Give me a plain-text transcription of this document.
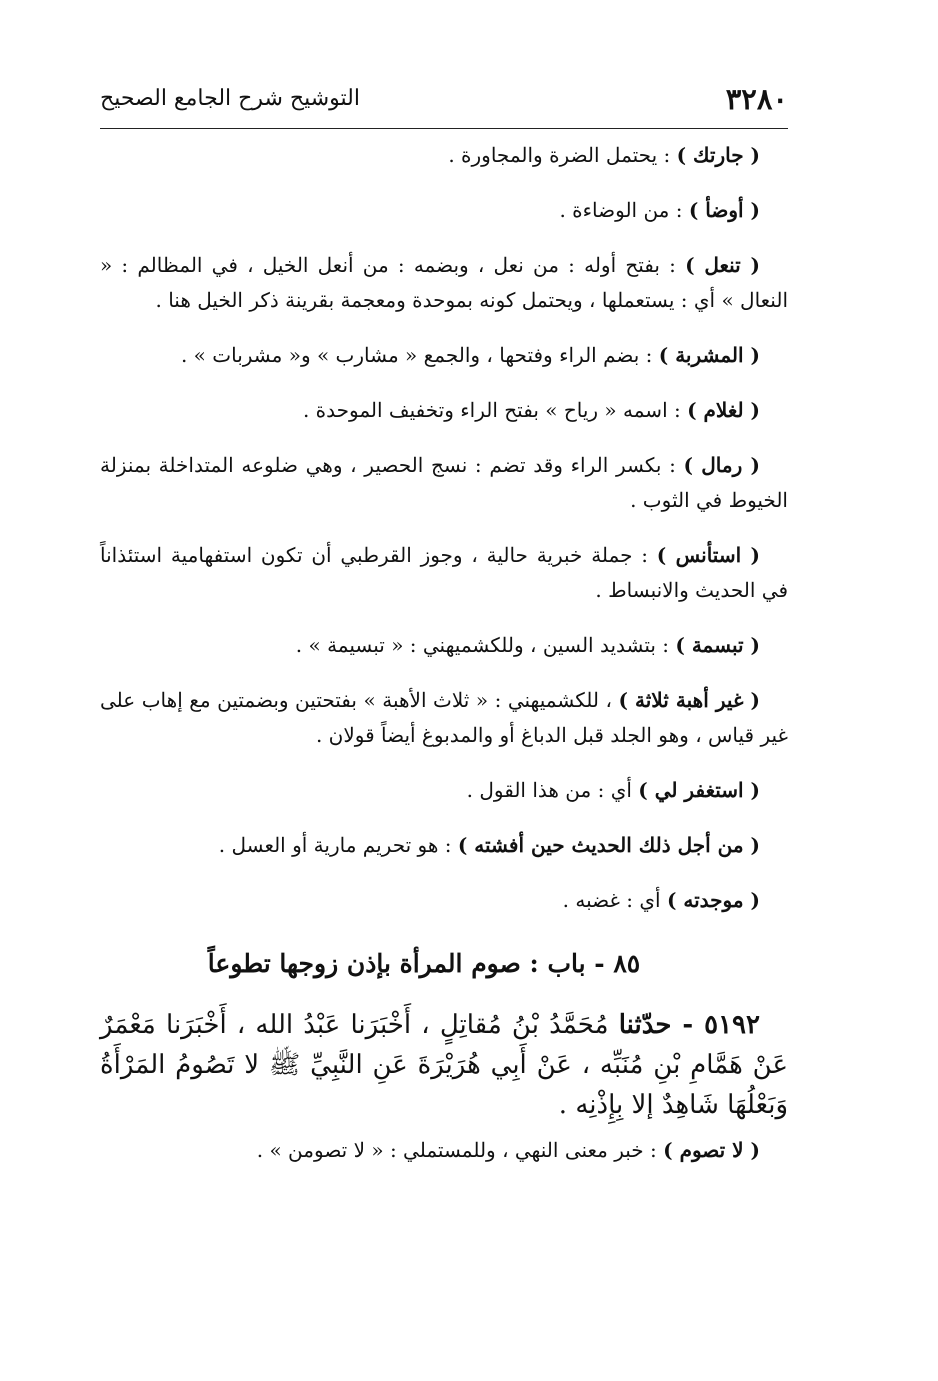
٣٢٨٠
التوشيح شرح الجامع الصحيح

( جارتك ) : يحتمل الضرة والمجاورة .

( أوضأ ) : من الوضاءة .

( تنعل ) : بفتح أوله : من نعل ، وبضمه : من أنعل الخيل ، في المظالم : « النعال » أي : يستعملها ، ويحتمل كونه بموحدة ومعجمة بقرينة ذكر الخيل هنا .

( المشربة ) : بضم الراء وفتحها ، والجمع « مشارب » و« مشربات » .

( لغلام ) : اسمه « رياح » بفتح الراء وتخفيف الموحدة .

( رمال ) : بكسر الراء وقد تضم : نسج الحصير ، وهي ضلوعه المتداخلة بمنزلة الخيوط في الثوب .

( استأنس ) : جملة خبرية حالية ، وجوز القرطبي أن تكون استفهامية استئذاناً في الحديث والانبساط .

( تبسمة ) : بتشديد السين ، وللكشميهني : « تبسيمة » .

( غير أهبة ثلاثة ) ، للكشميهني : « ثلاث الأهبة » بفتحتين وبضمتين مع إهاب على غير قياس ، وهو الجلد قبل الدباغ أو والمدبوغ أيضاً قولان .

( استغفر لي ) أي : من هذا القول .

( من أجل ذلك الحديث حين أفشته ) : هو تحريم مارية أو العسل .

( موجدته ) أي : غضبه .

٨٥ - باب : صوم المرأة بإذن زوجها تطوعاً

٥١٩٢ - حدّثنا مُحَمَّدُ بْنُ مُقاتِلٍ ، أَخْبَرَنا عَبْدُ الله ، أَخْبَرَنا مَعْمَرٌ عَنْ هَمَّامِ بْنِ مُنَبِّه ، عَنْ أَبِي هُرَيْرَةَ عَنِ النَّبِيِّ ﷺ لا تَصُومُ المَرْأَةُ وَبَعْلُهَا شَاهِدٌ إلا بِإِذْنِه .

( لا تصوم ) : خبر معنى النهي ، وللمستملي : « لا تصومن » .
